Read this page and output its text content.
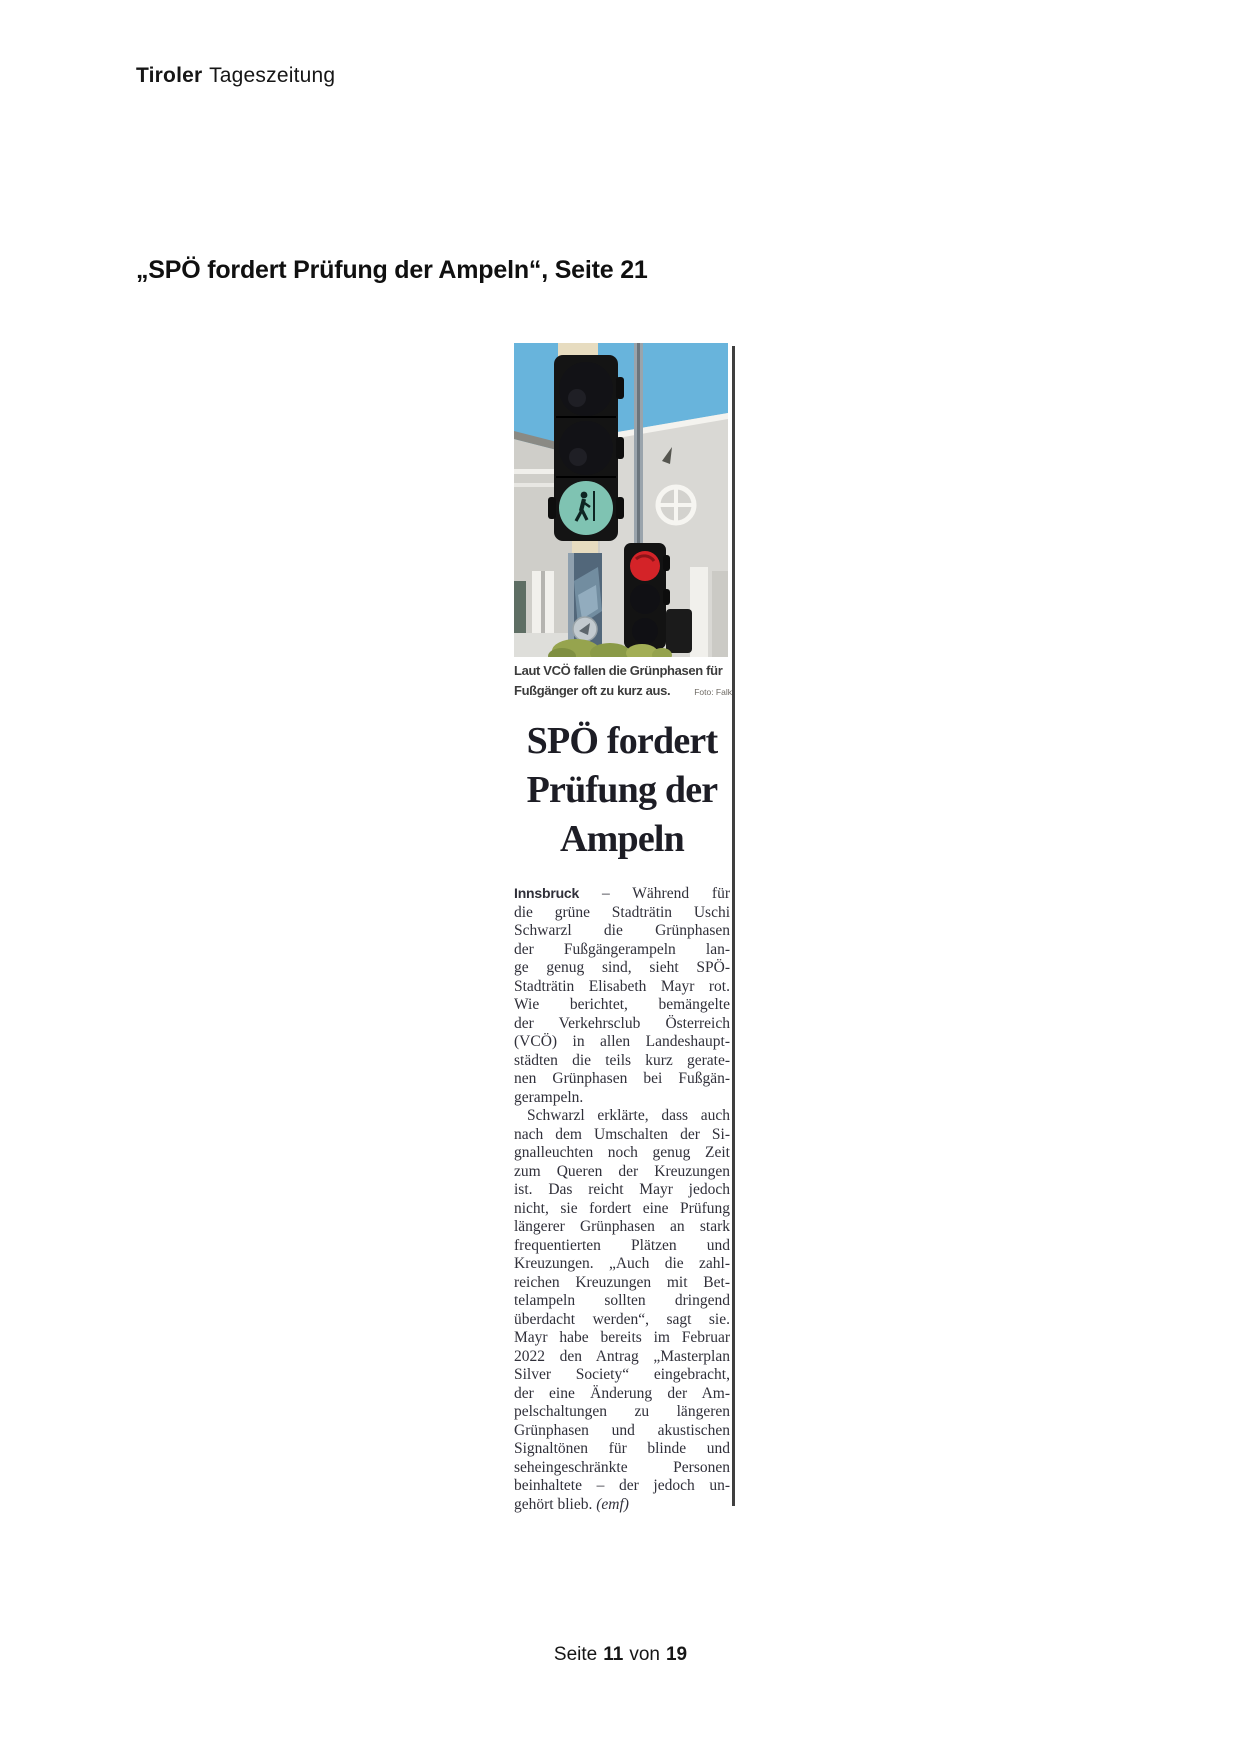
Tiroler Tageszeitung
„SPÖ fordert Prüfung der Ampeln“, Seite 21
Laut VCÖ fallen die Grünphasen für
Fußgänger oft zu kurz aus.	Foto: Falk
SPÖ fordert
Prüfung der
Ampeln
Innsbruck – Während für
die grüne Stadträtin Uschi
Schwarzl die Grünphasen
der Fußgängerampeln lan-
ge genug sind, sieht SPÖ-
Stadträtin Elisabeth Mayr rot.
Wie berichtet, bemängelte
der Verkehrsclub Österreich
(VCÖ) in allen Landeshaupt-
städten die teils kurz gerate-
nen Grünphasen bei Fußgän-
gerampeln.
Schwarzl erklärte, dass auch
nach dem Umschalten der Si-
gnalleuchten noch genug Zeit
zum Queren der Kreuzungen
ist. Das reicht Mayr jedoch
nicht, sie fordert eine Prüfung
längerer Grünphasen an stark
frequentierten Plätzen und
Kreuzungen. „Auch die zahl-
reichen Kreuzungen mit Bet-
telampeln sollten dringend
überdacht werden“, sagt sie.
Mayr habe bereits im Februar
2022 den Antrag „Masterplan
Silver Society“ eingebracht,
der eine Änderung der Am-
pelschaltungen zu längeren
Grünphasen und akustischen
Signaltönen für blinde und
seheingeschränkte Personen
beinhaltete – der jedoch un-
gehört blieb. (emf)
Seite 11 von 19
